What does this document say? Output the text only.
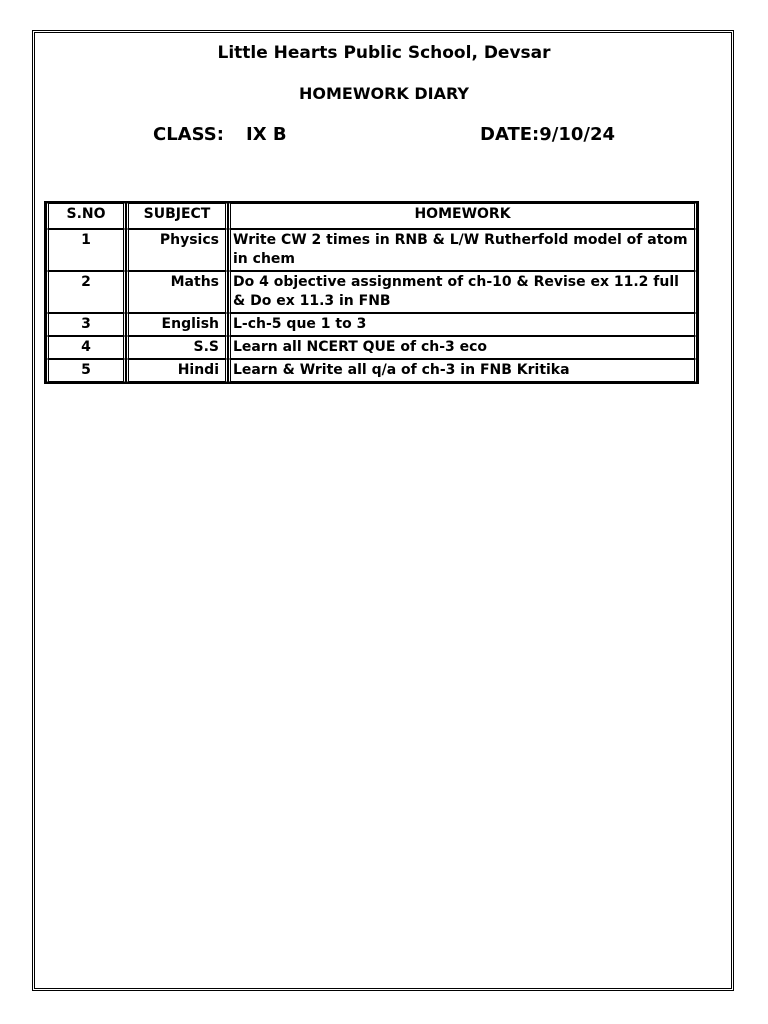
Little Hearts Public School, Devsar
HOMEWORK DIARY
CLASS: IX B	DATE:9/10/24
S.NO	SUBJECT	HOMEWORK
1	Physics	Write CW 2 times in RNB & L/W Rutherfold model of atom in chem
2	Maths	Do 4 objective assignment of ch-10 & Revise ex 11.2 full & Do ex 11.3 in FNB
3	English	L-ch-5 que 1 to 3
4	S.S	Learn all NCERT QUE of ch-3 eco
5	Hindi	Learn & Write all q/a of ch-3 in FNB Kritika
